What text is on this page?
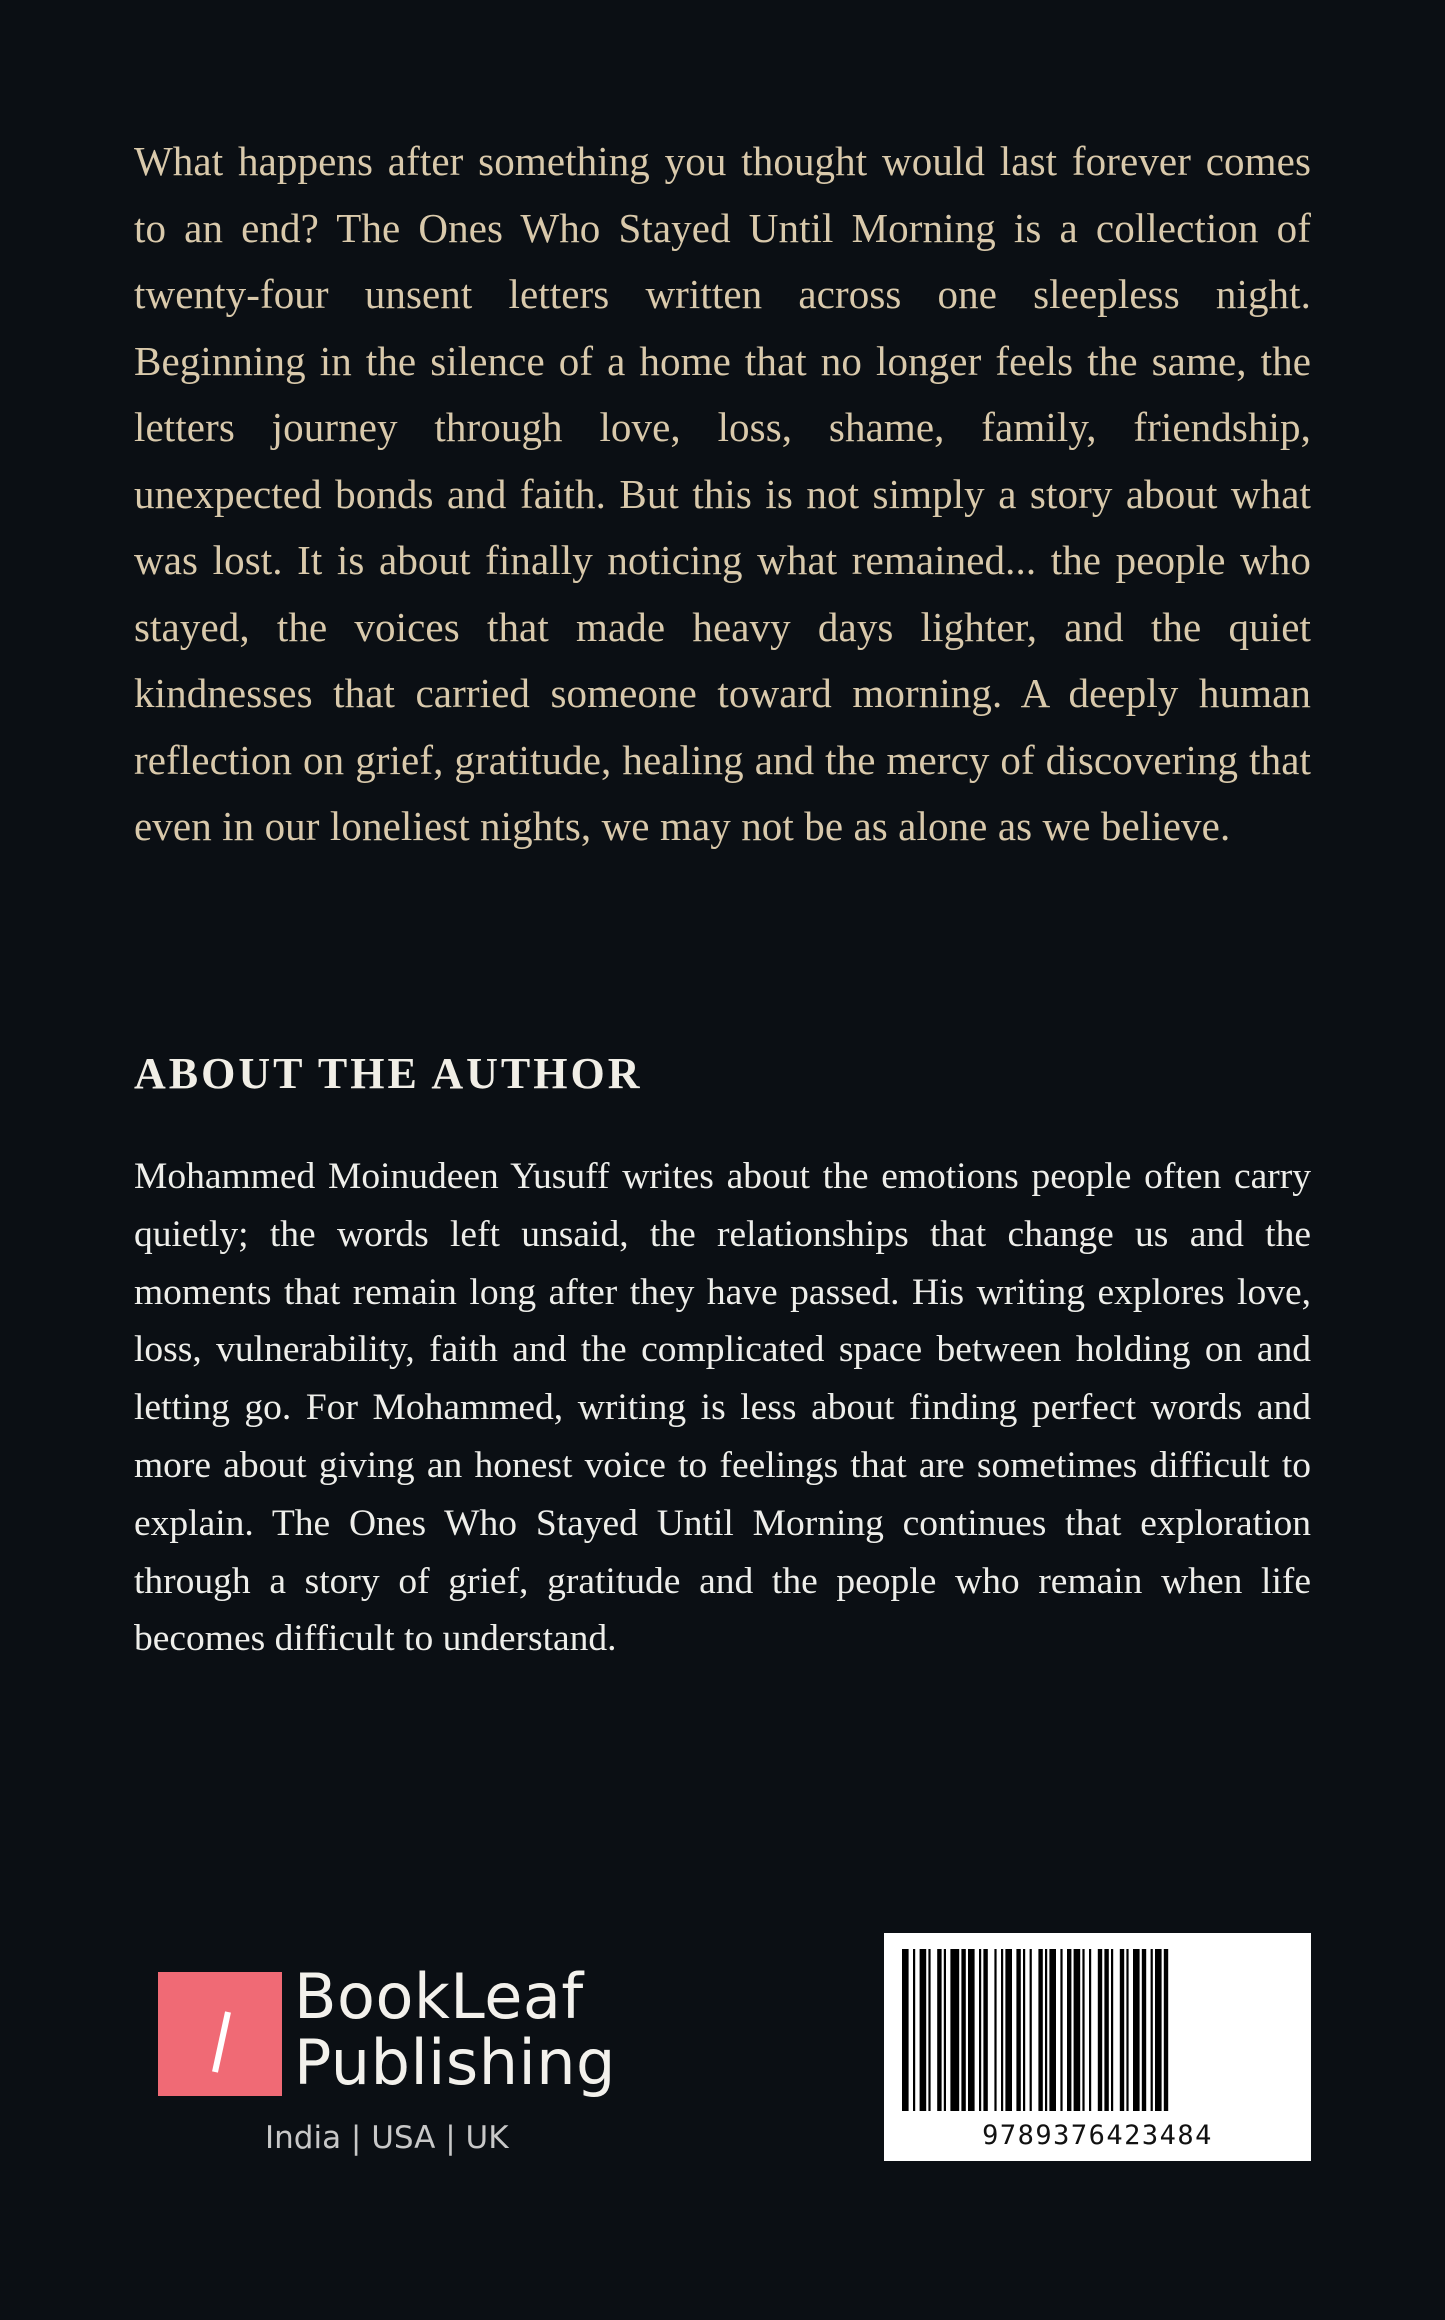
What happens after something you thought would last forever comes to an end? The Ones Who Stayed Until Morning is a collection of twenty-four unsent letters written across one sleepless night. Beginning in the silence of a home that no longer feels the same, the letters journey through love, loss, shame, family, friendship, unexpected bonds and faith. But this is not simply a story about what was lost. It is about finally noticing what remained... the people who stayed, the voices that made heavy days lighter, and the quiet kindnesses that carried someone toward morning. A deeply human reflection on grief, gratitude, healing and the mercy of discovering that even in our loneliest nights, we may not be as alone as we believe.

ABOUT THE AUTHOR

Mohammed Moinudeen Yusuff writes about the emotions people often carry quietly; the words left unsaid, the relationships that change us and the moments that remain long after they have passed. His writing explores love, loss, vulnerability, faith and the complicated space between holding on and letting go. For Mohammed, writing is less about finding perfect words and more about giving an honest voice to feelings that are sometimes difficult to explain. The Ones Who Stayed Until Morning continues that exploration through a story of grief, gratitude and the people who remain when life becomes difficult to understand.

BookLeaf
Publishing
India | USA | UK	9789376423484
